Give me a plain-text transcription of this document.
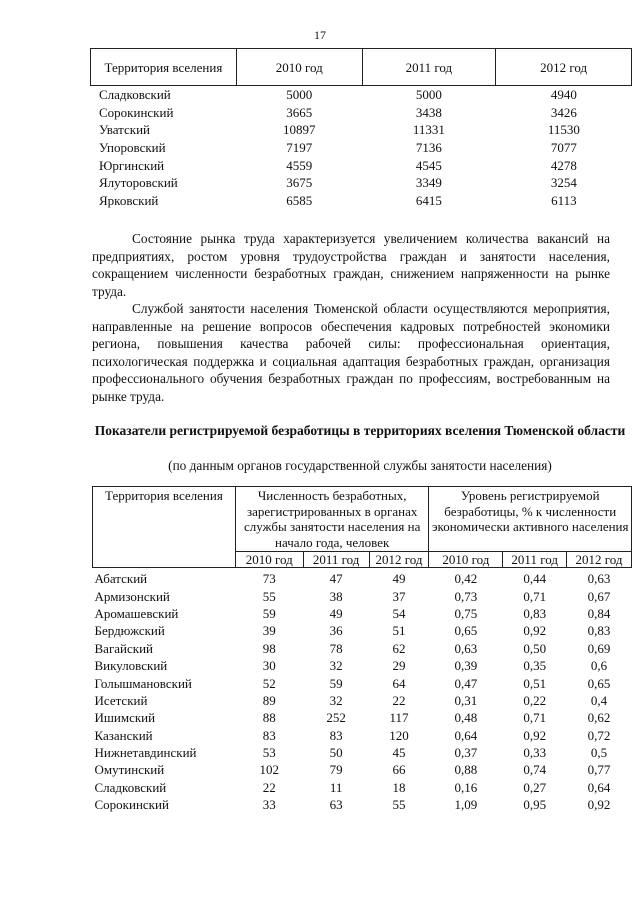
17
Территория вселения	2010 год	2011 год	2012 год
Сладковский	5000	5000	4940
Сорокинский	3665	3438	3426
Уватский	10897	11331	11530
Упоровский	7197	7136	7077
Юргинский	4559	4545	4278
Ялуторовский	3675	3349	3254
Ярковский	6585	6415	6113

Состояние рынка труда характеризуется увеличением количества вакансий на предприятиях, ростом уровня трудоустройства граждан и занятости населения, сокращением численности безработных граждан, снижением напряженности на рынке труда.

Службой занятости населения Тюменской области осуществляются мероприятия, направленные на решение вопросов обеспечения кадровых потребностей экономики региона, повышения качества рабочей силы: профессиональная ориентация, психологическая поддержка и социальная адаптация безработных граждан, организация профессионального обучения безработных граждан по профессиям, востребованным на рынке труда.

Показатели регистрируемой безработицы в территориях вселения Тюменской области

(по данным органов государственной службы занятости населения)

Территория вселения	Численность безработных, зарегистрированных в органах службы занятости населения на начало года, человек			Уровень регистрируемой безработицы, % к численности экономически активного населения		
	2010 год	2011 год	2012 год	2010 год	2011 год	2012 год
Абатский	73	47	49	0,42	0,44	0,63
Армизонский	55	38	37	0,73	0,71	0,67
Аромашевский	59	49	54	0,75	0,83	0,84
Бердюжский	39	36	51	0,65	0,92	0,83
Вагайский	98	78	62	0,63	0,50	0,69
Викуловский	30	32	29	0,39	0,35	0,6
Голышмановский	52	59	64	0,47	0,51	0,65
Исетский	89	32	22	0,31	0,22	0,4
Ишимский	88	252	117	0,48	0,71	0,62
Казанский	83	83	120	0,64	0,92	0,72
Нижнетавдинский	53	50	45	0,37	0,33	0,5
Омутинский	102	79	66	0,88	0,74	0,77
Сладковский	22	11	18	0,16	0,27	0,64
Сорокинский	33	63	55	1,09	0,95	0,92
